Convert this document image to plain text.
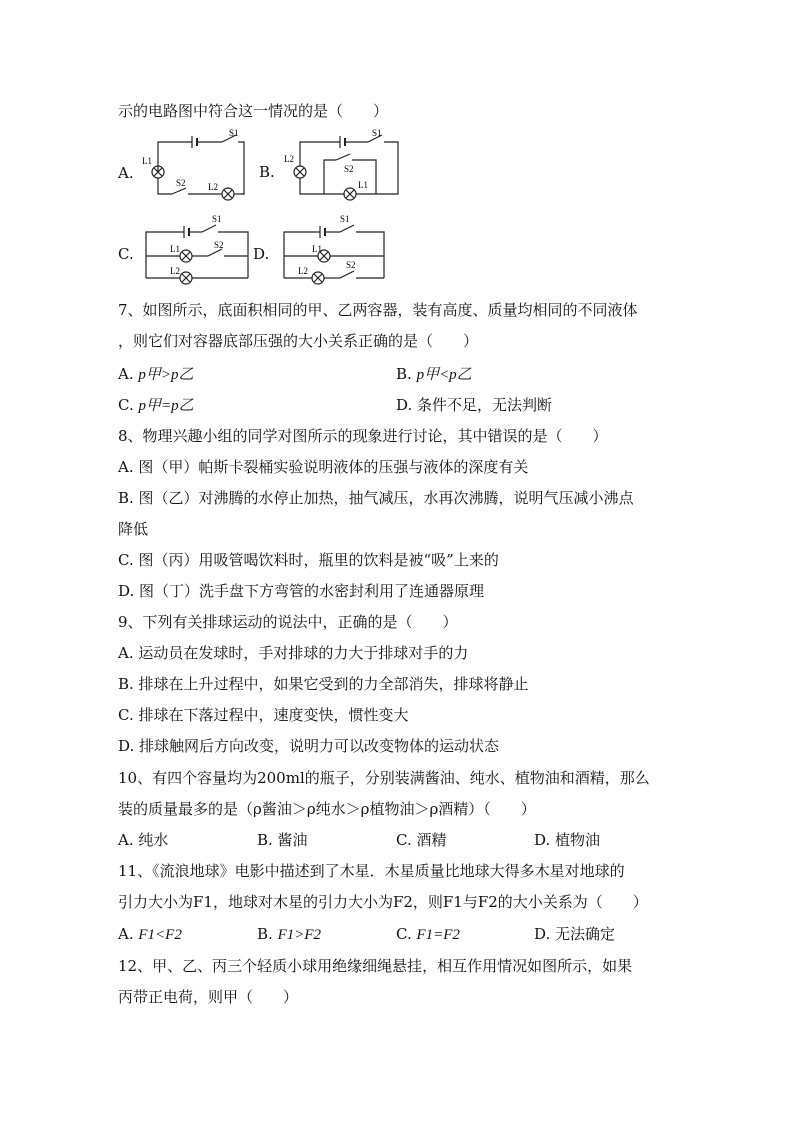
示的电路图中符合这一情况的是（　　）
A.	B.
C.	D.
S1
L1
S2 L2
S1
L2
S2
L1
S1
L1	S2
L2
S1
L1
L2
S2
7、如图所示，底面积相同的甲、乙两容器，装有高度、质量均相同的不同液体
，则它们对容器底部压强的大小关系正确的是（　　）
A. p甲>p乙	B. p甲<p乙
C. p甲=p乙	D. 条件不足，无法判断
8、物理兴趣小组的同学对图所示的现象进行讨论，其中错误的是（　　）
A. 图（甲）帕斯卡裂桶实验说明液体的压强与液体的深度有关
B. 图（乙）对沸腾的水停止加热，抽气减压，水再次沸腾，说明气压减小沸点
降低
C. 图（丙）用吸管喝饮料时，瓶里的饮料是被“吸”上来的
D. 图（丁）洗手盘下方弯管的水密封利用了连通器原理
9、下列有关排球运动的说法中，正确的是（　　）
A. 运动员在发球时，手对排球的力大于排球对手的力
B. 排球在上升过程中，如果它受到的力全部消失，排球将静止
C. 排球在下落过程中，速度变快，惯性变大
D. 排球触网后方向改变，说明力可以改变物体的运动状态
10、有四个容量均为200ml的瓶子，分别装满酱油、纯水、植物油和酒精，那么
装的质量最多的是（ρ酱油＞ρ纯水＞ρ植物油＞ρ酒精）（　　）
A. 纯水	B. 酱油	C. 酒精	D. 植物油
11、《流浪地球》电影中描述到了木星．木星质量比地球大得多木星对地球的
引力大小为F1，地球对木星的引力大小为F2，则F1与F2的大小关系为（　　）
A. F1<F2	B. F1>F2	C. F1=F2	D. 无法确定
12、甲、乙、丙三个轻质小球用绝缘细绳悬挂，相互作用情况如图所示，如果
丙带正电荷，则甲（　　）
